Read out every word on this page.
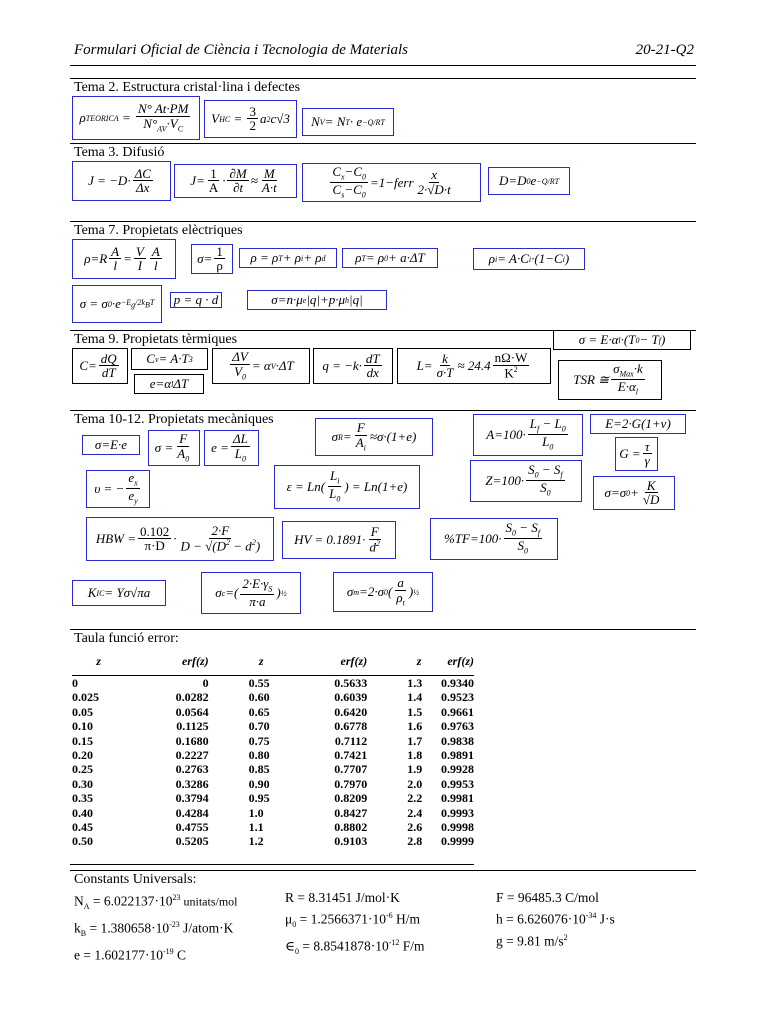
Formulari Oficial de Ciència i Tecnologia de Materials	20-21-Q2
Tema 2. Estructura cristal·lina i defectes
ρ TEORICA =
N° At·PM
$N^\circ_{AV}\cdot V_C$
V HC = 3
2 a 2 c√3	N V = N T · e −Q/RT
Tema 3. Difusió
J = −D· ΔC
Δx	J= 1
A · ∂M
∂t ≈ M
A·t
$C_x-C_0$
$C_s-C_0$
=1−ferr x
2·√D·t
D=D 0 e −Q/RT
Tema 7. Propietats elèctriques
ρ=R A
l = V
I
A
l	σ= 1
ρ
ρ = ρ T + ρ i + ρ d	ρ T = ρ 0 + a·ΔT	ρ i = A·C i ·(1−C i )
σ = σ $0 \cdot e -E_g/2k_BT$ p = q · d	σ=n·μ e |q|+p·μ h |q|
Tema 9. Propietats tèrmiques	σ = E·α l ·(T 0 − T f )
C= dQ
dT
C v = A·T 3
e=α l ΔT
ΔV
$V_0$
= α V ·ΔT	q = −k· dT
dx	L= k
σ·T ≈ 24.4
nΩ·W
$K^2$
TSR ≅
$\sigma_{Max}\cdot k$
$E\cdot\alpha_l$
Tema 10-12. Propietats mecàniques
σ=E·e	σ =
F
$A_0$
e =
ΔL
$L_0$
σ R =
F
$A_i$
≈σ·(1+e)	A=100·
$L_f - L_0$
$L_0$
E=2·G(1+ν)
G = τ
γ
υ = −
$e_x$
$e_y$
ε = Ln(
$L_i$
$L_0$
) = Ln(1+e)	Z=100·
$S_0 - S_f$
$S_0$	σ=σ 0 + K
√D
HBW = 0.102
π·D ·
2·F
$D - √(D^2 - d^2)$	HV = 0.1891·
F
$d^2$	%TF=100·
$S_0 - S_f$
$S_0$
K IC = Yσ√πa	σ c =(
$2\cdot E\cdot\gamma_S$
π·a
) ½	σ m =2·σ 0 (
a
$\rho_t$
) ½
Taula funció error:
z	erf(z)	z	erf(z)	z	erf(z)
0	0	0.55	0.5633	1.3	0.9340
0.025	0.0282	0.60	0.6039	1.4	0.9523
0.05	0.0564	0.65	0.6420	1.5	0.9661
0.10	0.1125	0.70	0.6778	1.6	0.9763
0.15	0.1680	0.75	0.7112	1.7	0.9838
0.20	0.2227	0.80	0.7421	1.8	0.9891
0.25	0.2763	0.85	0.7707	1.9	0.9928
0.30	0.3286	0.90	0.7970	2.0	0.9953
0.35	0.3794	0.95	0.8209	2.2	0.9981
0.40	0.4284	1.0	0.8427	2.4	0.9993
0.45	0.4755	1.1	0.8802	2.6	0.9998
0.50	0.5205	1.2	0.9103	2.8	0.9999
Constants Universals:
$N_A = 6.022137\cdot 10^{23}$ unitats/mol
$k_B = 1.380658\cdot 10^{-23}$ J/atom·K
$e = 1.602177\cdot 10^{-19}$ C
R = 8.31451 J/mol·K
$\mu_0 = 1.2566371\cdot 10^{-6}$ H/m
$\in_0 = 8.8541878\cdot 10^{-12}$ F/m
F = 96485.3 C/mol
$h = 6.626076\cdot 10^{-34}$ J·s
g = 9.81 $m/s^2$
